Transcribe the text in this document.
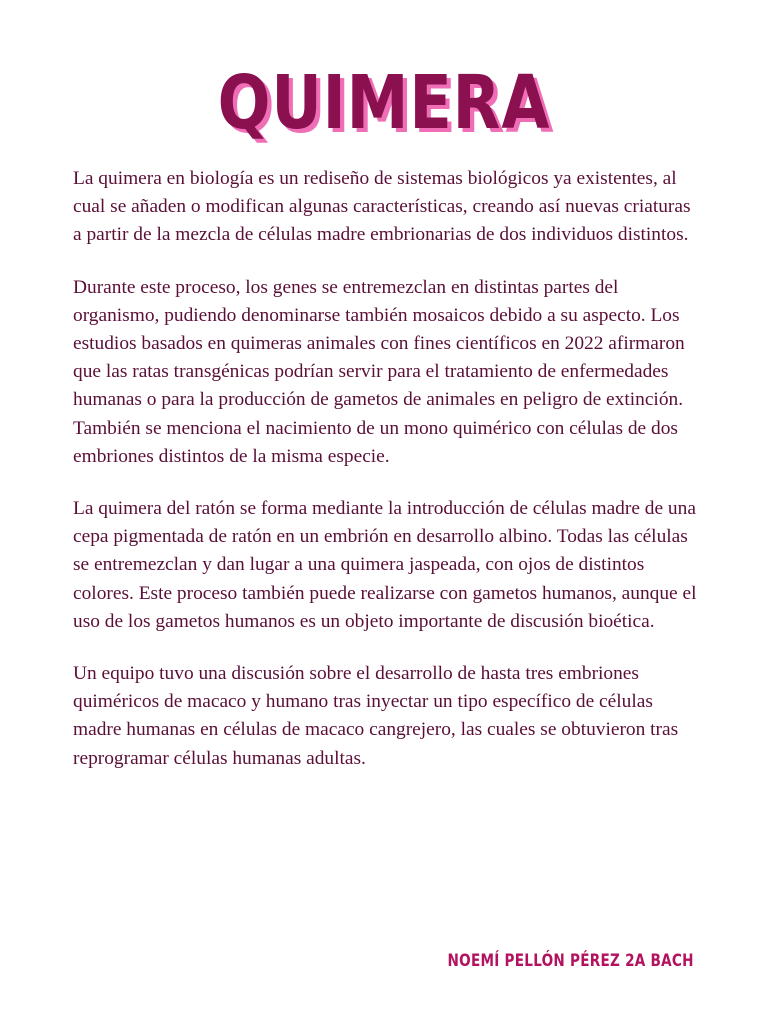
QUIMERA

La quimera en biología es un rediseño de sistemas biológicos ya existentes, al cual se añaden o modifican algunas características, creando así nuevas criaturas a partir de la mezcla de células madre embrionarias de dos individuos distintos.

Durante este proceso, los genes se entremezclan en distintas partes del organismo, pudiendo denominarse también mosaicos debido a su aspecto. Los estudios basados en quimeras animales con fines científicos en 2022 afirmaron que las ratas transgénicas podrían servir para el tratamiento de enfermedades humanas o para la producción de gametos de animales en peligro de extinción. También se menciona el nacimiento de un mono quimérico con células de dos embriones distintos de la misma especie.

La quimera del ratón se forma mediante la introducción de células madre de una cepa pigmentada de ratón en un embrión en desarrollo albino. Todas las células se entremezclan y dan lugar a una quimera jaspeada, con ojos de distintos colores. Este proceso también puede realizarse con gametos humanos, aunque el uso de los gametos humanos es un objeto importante de discusión bioética.

Un equipo tuvo una discusión sobre el desarrollo de hasta tres embriones quiméricos de macaco y humano tras inyectar un tipo específico de células madre humanas en células de macaco cangrejero, las cuales se obtuvieron tras reprogramar células humanas adultas.

NOEMÍ PELLÓN PÉREZ 2A BACH
